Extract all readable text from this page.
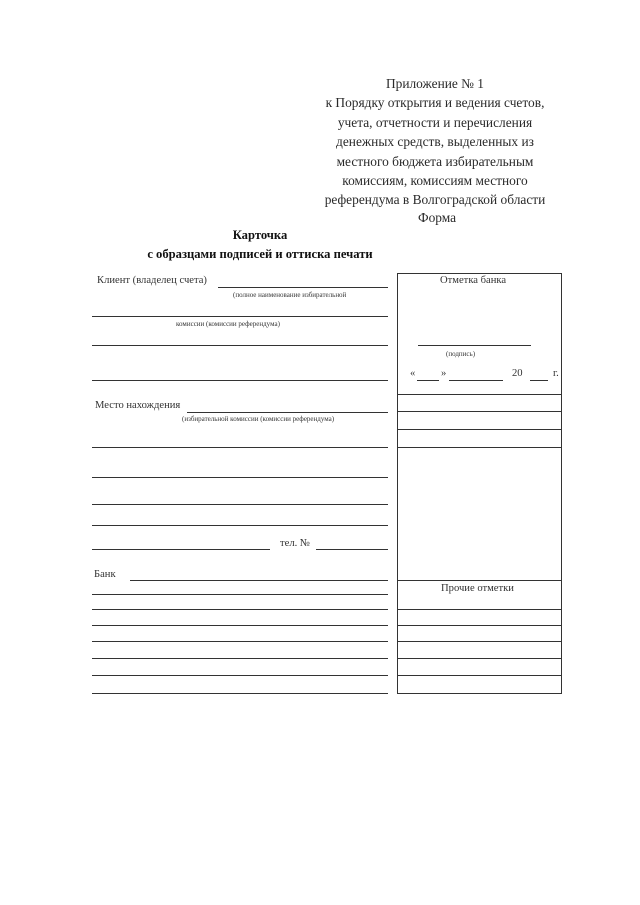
Приложение № 1
к Порядку открытия и ведения счетов,
учета, отчетности и перечисления
денежных средств, выделенных из
местного бюджета избирательным
комиссиям, комиссиям местного
референдума в Волгоградской области
Форма
Карточка
с образцами подписей и оттиска печати
Клиент (владелец счета)
(полное наименование избирательной
комиссии (комиссии референдума)
Место нахождения
(избирательной комиссии (комиссии референдума)
тел. №
Банк
Отметка банка
(подпись)
« »	20	г.
Прочие отметки
